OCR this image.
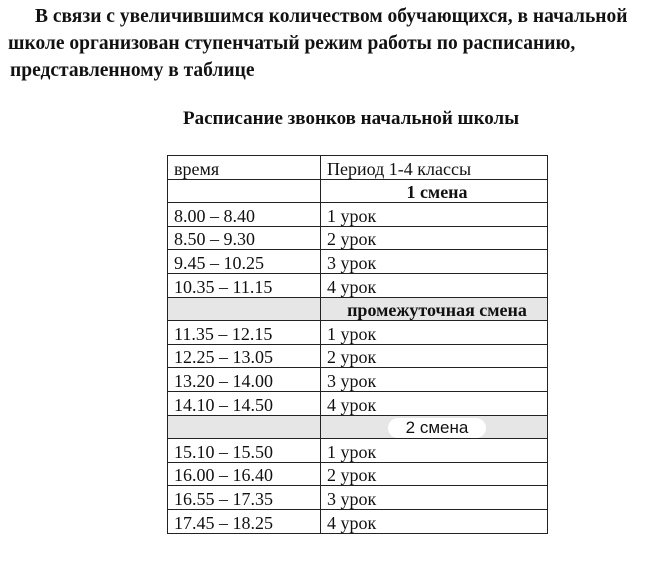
В связи с увеличившимся количеством обучающихся, в начальной
школе организован ступенчатый режим работы по расписанию,
представленному в таблице
Расписание звонков начальной школы
время	Период 1-4 классы
	1 смена
8.00 – 8.40	1 урок
8.50 – 9.30	2 урок
9.45 – 10.25	3 урок
10.35 – 11.15	4 урок
	промежуточная смена
11.35 – 12.15	1 урок
12.25 – 13.05	2 урок
13.20 – 14.00	3 урок
14.10 – 14.50	4 урок
	2 смена
15.10 – 15.50	1 урок
16.00 – 16.40	2 урок
16.55 – 17.35	3 урок
17.45 – 18.25	4 урок
